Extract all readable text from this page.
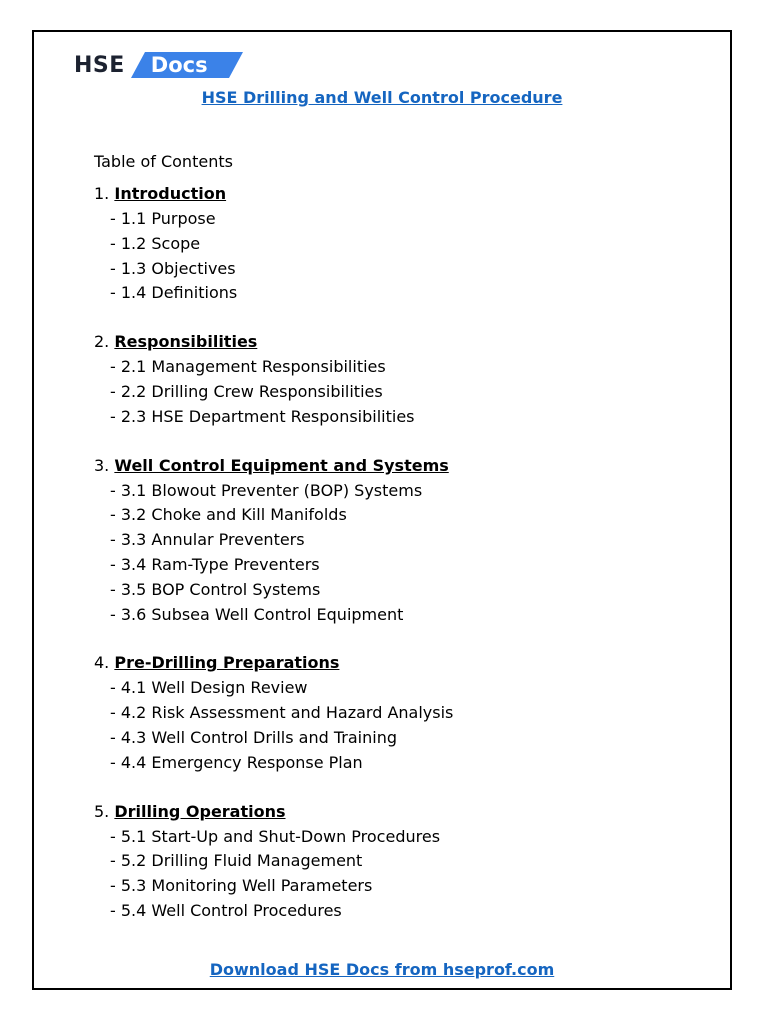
HSE Docs
HSE Drilling and Well Control Procedure
Table of Contents
1. Introduction
- 1.1 Purpose
- 1.2 Scope
- 1.3 Objectives
- 1.4 Definitions
2. Responsibilities
- 2.1 Management Responsibilities
- 2.2 Drilling Crew Responsibilities
- 2.3 HSE Department Responsibilities
3. Well Control Equipment and Systems
- 3.1 Blowout Preventer (BOP) Systems
- 3.2 Choke and Kill Manifolds
- 3.3 Annular Preventers
- 3.4 Ram-Type Preventers
- 3.5 BOP Control Systems
- 3.6 Subsea Well Control Equipment
4. Pre-Drilling Preparations
- 4.1 Well Design Review
- 4.2 Risk Assessment and Hazard Analysis
- 4.3 Well Control Drills and Training
- 4.4 Emergency Response Plan
5. Drilling Operations
- 5.1 Start-Up and Shut-Down Procedures
- 5.2 Drilling Fluid Management
- 5.3 Monitoring Well Parameters
- 5.4 Well Control Procedures
Download HSE Docs from hseprof.com
